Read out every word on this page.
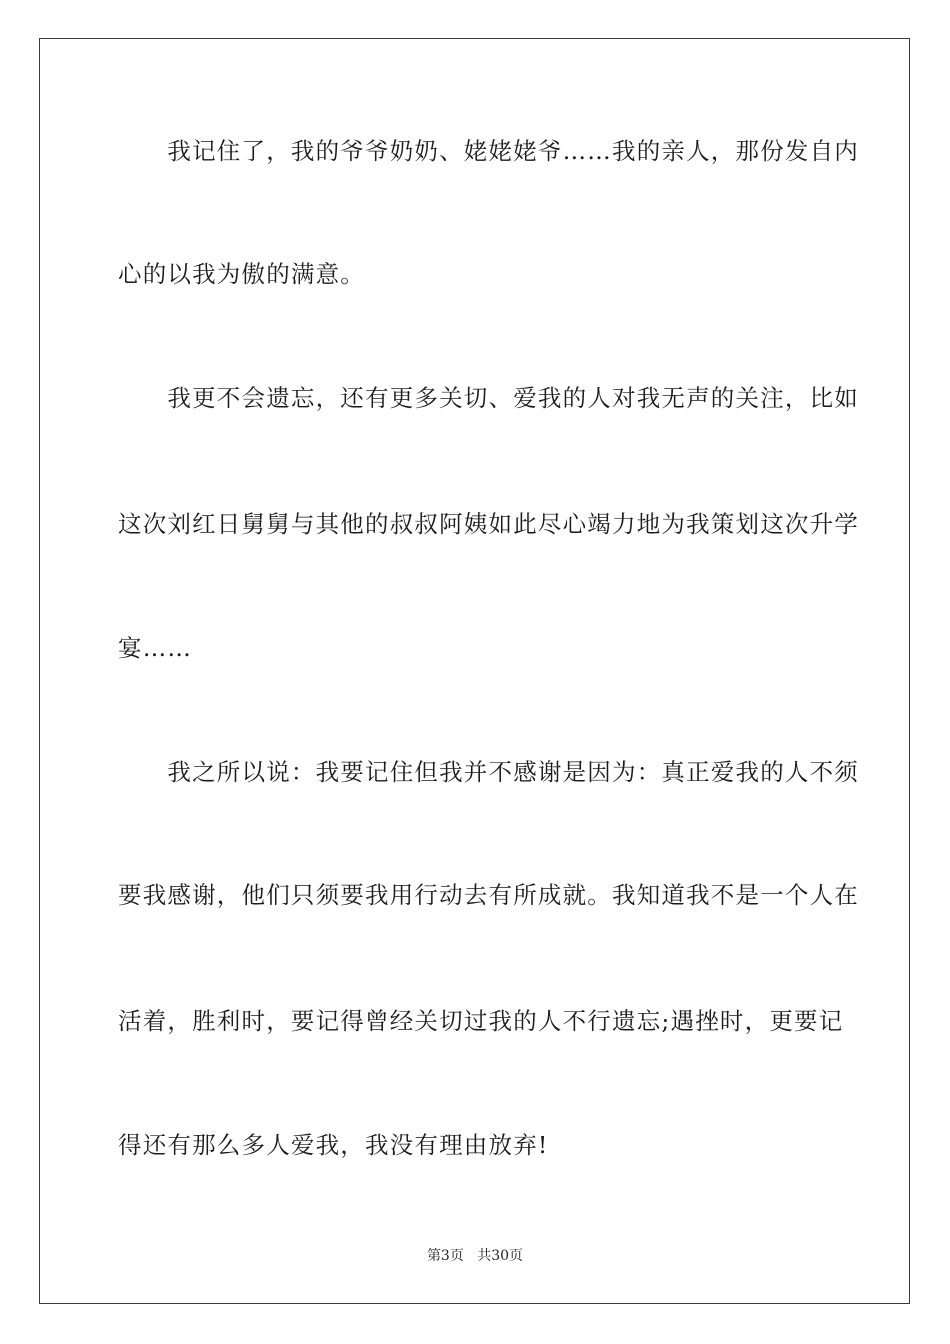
　　我记住了，我的爷爷奶奶、姥姥姥爷……我的亲人，那份发自内
心的以我为傲的满意。
　　我更不会遗忘，还有更多关切、爱我的人对我无声的关注，比如
这次刘红日舅舅与其他的叔叔阿姨如此尽心竭力地为我策划这次升学
宴……
　　我之所以说：我要记住但我并不感谢是因为：真正爱我的人不须
要我感谢，他们只须要我用行动去有所成就。我知道我不是一个人在
活着，胜利时，要记得曾经关切过我的人不行遗忘;遇挫时，更要记
得还有那么多人爱我，我没有理由放弃!
第3页 共30页
